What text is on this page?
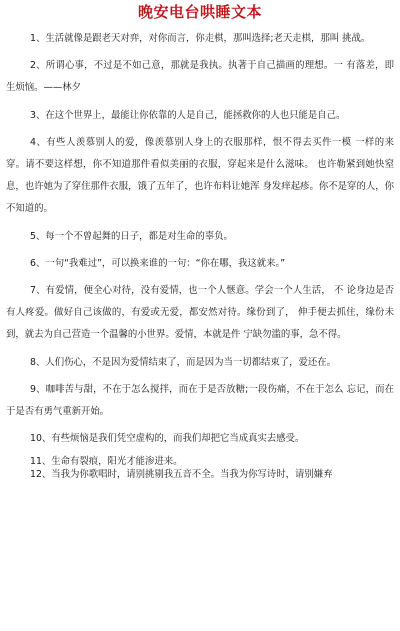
晚安电台哄睡文本

1、生活就像是跟老天对弈，对你而言，你走棋，那叫选择;老天走棋，那叫 挑战。

2、所谓心事，不过是不如己意，那就是我执。执著于自己描画的理想。一 有落差，即生烦恼。——林夕

3、在这个世界上，最能让你依靠的人是自己，能拯救你的人也只能是自己。

4、有些人羡慕别人的爱，像羡慕别人身上的衣服那样，恨不得去买件一模 一样的来穿。请不要这样想，你不知道那件看似美丽的衣服，穿起来是什么滋味。 也许勒紧到她快窒息，也许她为了穿住那件衣服，饿了五年了，也许布料让她浑 身发痒起疹。你不是穿的人，你不知道的。

5、每一个不曾起舞的日子，都是对生命的辜负。

6、一句“我难过”，可以换来谁的一句：“你在哪，我这就来。”

7、有爱情，便全心对待，没有爱情，也一个人惬意。学会一个人生活， 不 论身边是否有人疼爱。做好自己该做的，有爱或无爱，都安然对待。缘份到了， 伸手便去抓住，缘份未到，就去为自己营造一个温馨的小世界。爱情，本就是件 宁缺勿滥的事，急不得。

8、人们伤心，不是因为爱情结束了，而是因为当一切都结束了，爱还在。

9、咖啡苦与甜，不在于怎么搅拌，而在于是否放糖;一段伤痛，不在于怎么 忘记，而在于是否有勇气重新开始。

10、有些烦恼是我们凭空虚构的，而我们却把它当成真实去感受。

11、生命有裂痕，阳光才能渗进来。

12、当我为你歌唱时，请别挑剔我五音不全。当我为你写诗时，请别嫌弃
